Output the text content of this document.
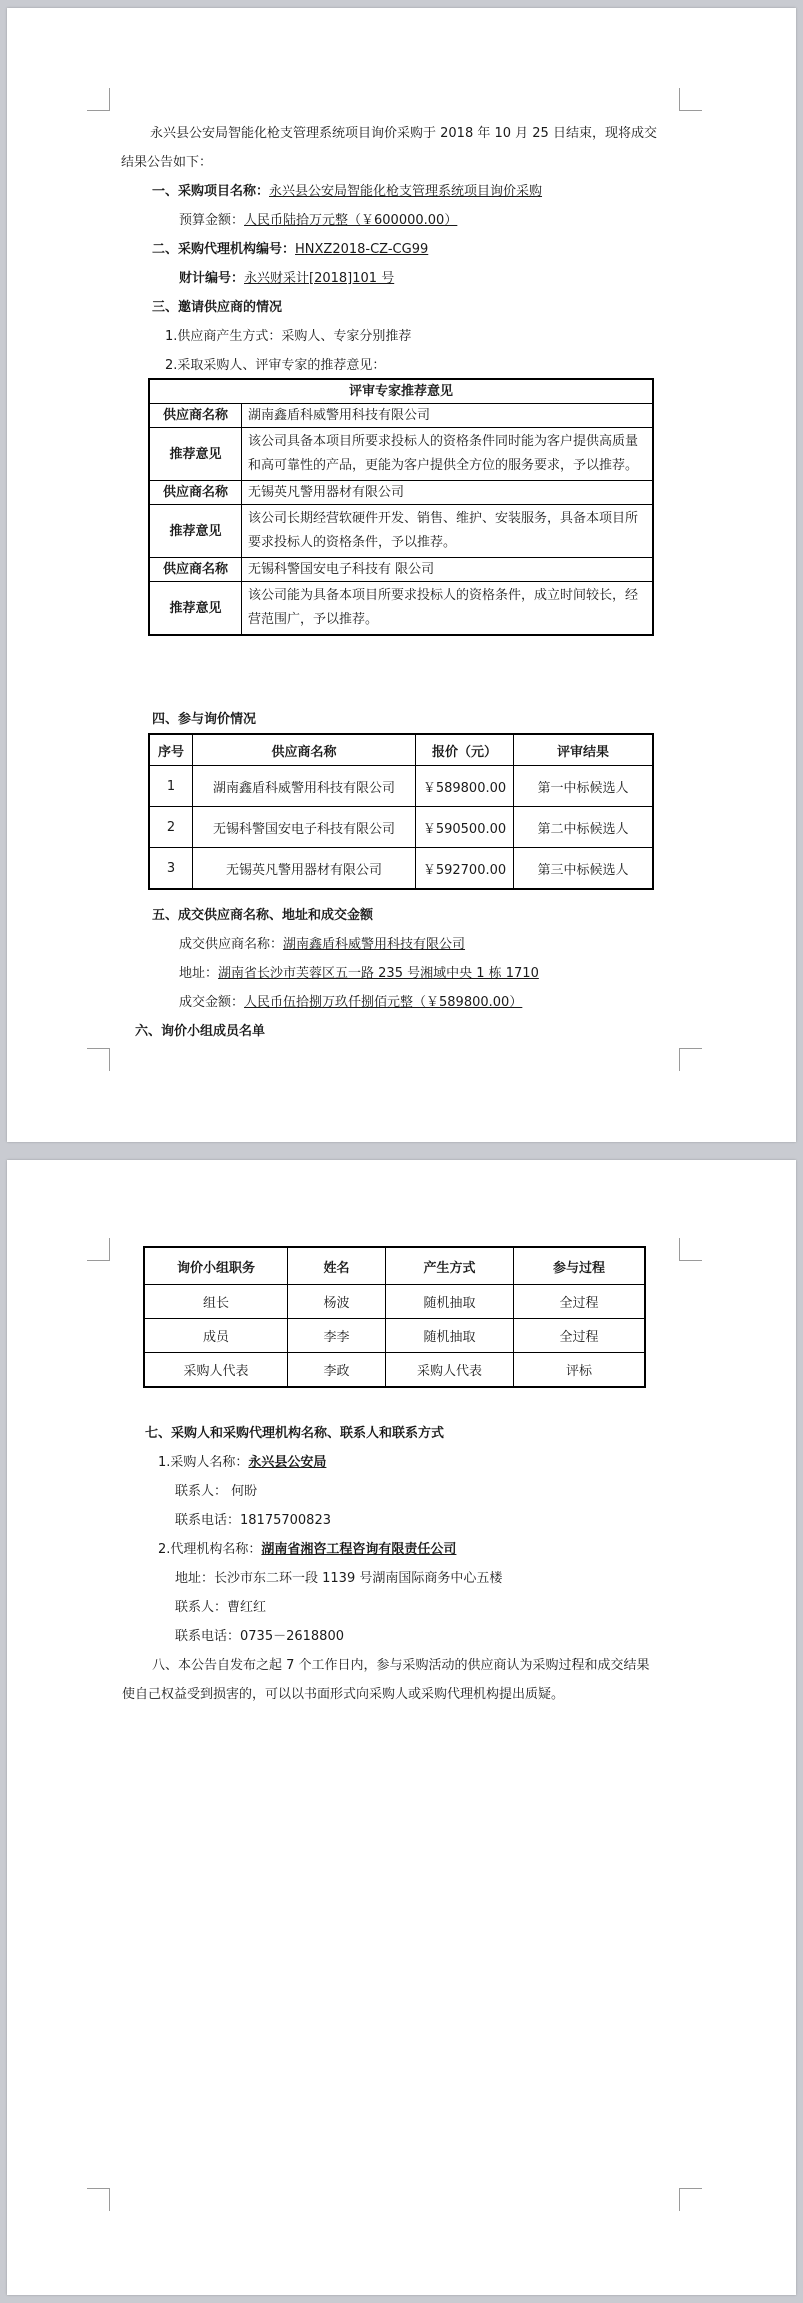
永兴县公安局智能化枪支管理系统项目询价采购于 2018 年 10 月 25 日结束，现将成交
结果公告如下：
一、采购项目名称：永兴县公安局智能化枪支管理系统项目询价采购
预算金额：人民币陆拾万元整（￥600000.00）
二、采购代理机构编号：HNXZ2018-CZ-CG99
财计编号：永兴财采计[2018]101 号
三、邀请供应商的情况
1.供应商产生方式：采购人、专家分别推荐
2.采取采购人、评审专家的推荐意见：
评审专家推荐意见	
供应商名称	湖南鑫盾科威警用科技有限公司
推荐意见	该公司具备本项目所要求投标人的资格条件同时能为客户提供高质量和高可靠性的产品，更能为客户提供全方位的服务要求，予以推荐。
供应商名称	无锡英凡警用器材有限公司
推荐意见	该公司长期经营软硬件开发、销售、维护、安装服务，具备本项目所要求投标人的资格条件，予以推荐。
供应商名称	无锡科警国安电子科技有 限公司
推荐意见	该公司能为具备本项目所要求投标人的资格条件，成立时间较长，经营范围广，予以推荐。
四、参与询价情况
序号	供应商名称	报价（元）	评审结果
1	湖南鑫盾科威警用科技有限公司	￥589800.00	第一中标候选人
2	无锡科警国安电子科技有限公司	￥590500.00	第二中标候选人
3	无锡英凡警用器材有限公司	￥592700.00	第三中标候选人
五、成交供应商名称、地址和成交金额
成交供应商名称：湖南鑫盾科威警用科技有限公司
地址：湖南省长沙市芙蓉区五一路 235 号湘域中央 1 栋 1710
成交金额：人民币伍拾捌万玖仟捌佰元整（￥589800.00）
六、询价小组成员名单
询价小组职务	姓名	产生方式	参与过程
组长	杨波	随机抽取	全过程
成员	李李	随机抽取	全过程
采购人代表	李政	采购人代表	评标
七、采购人和采购代理机构名称、联系人和联系方式
1.采购人名称：永兴县公安局
联系人： 何盼
联系电话：18175700823
2.代理机构名称：湖南省湘咨工程咨询有限责任公司
地址：长沙市东二环一段 1139 号湖南国际商务中心五楼
联系人：曹红红
联系电话：0735－2618800
八、本公告自发布之起 7 个工作日内，参与采购活动的供应商认为采购过程和成交结果使自己权益受到损害的，可以以书面形式向采购人或采购代理机构提出质疑。
